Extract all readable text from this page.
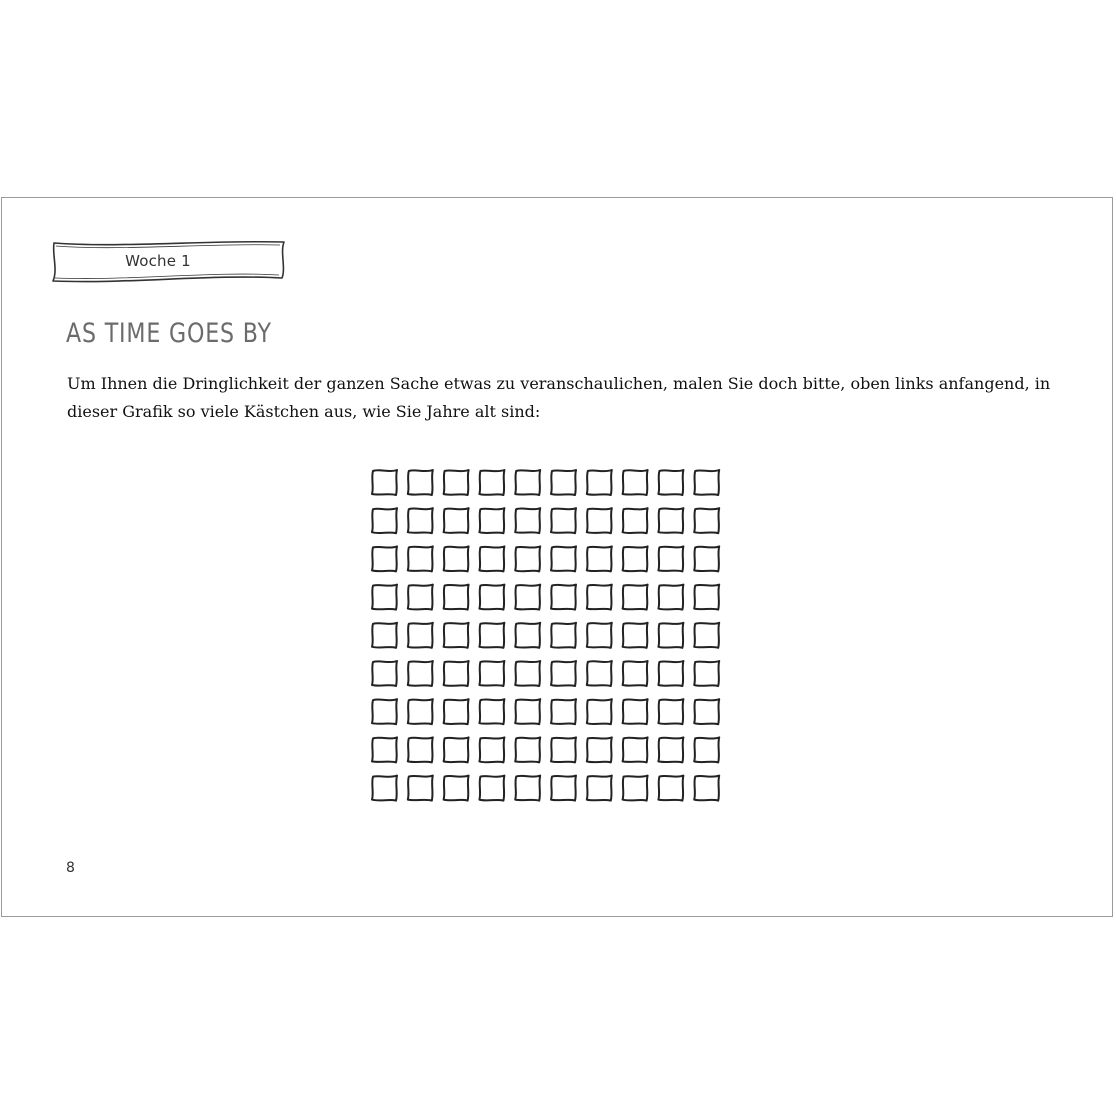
Woche 1
AS TIME GOES BY

Um Ihnen die Dringlichkeit der ganzen Sache etwas zu veranschaulichen, malen Sie doch bitte, oben links anfangend, in dieser Grafik so viele Kästchen aus, wie Sie Jahre alt sind:

8
